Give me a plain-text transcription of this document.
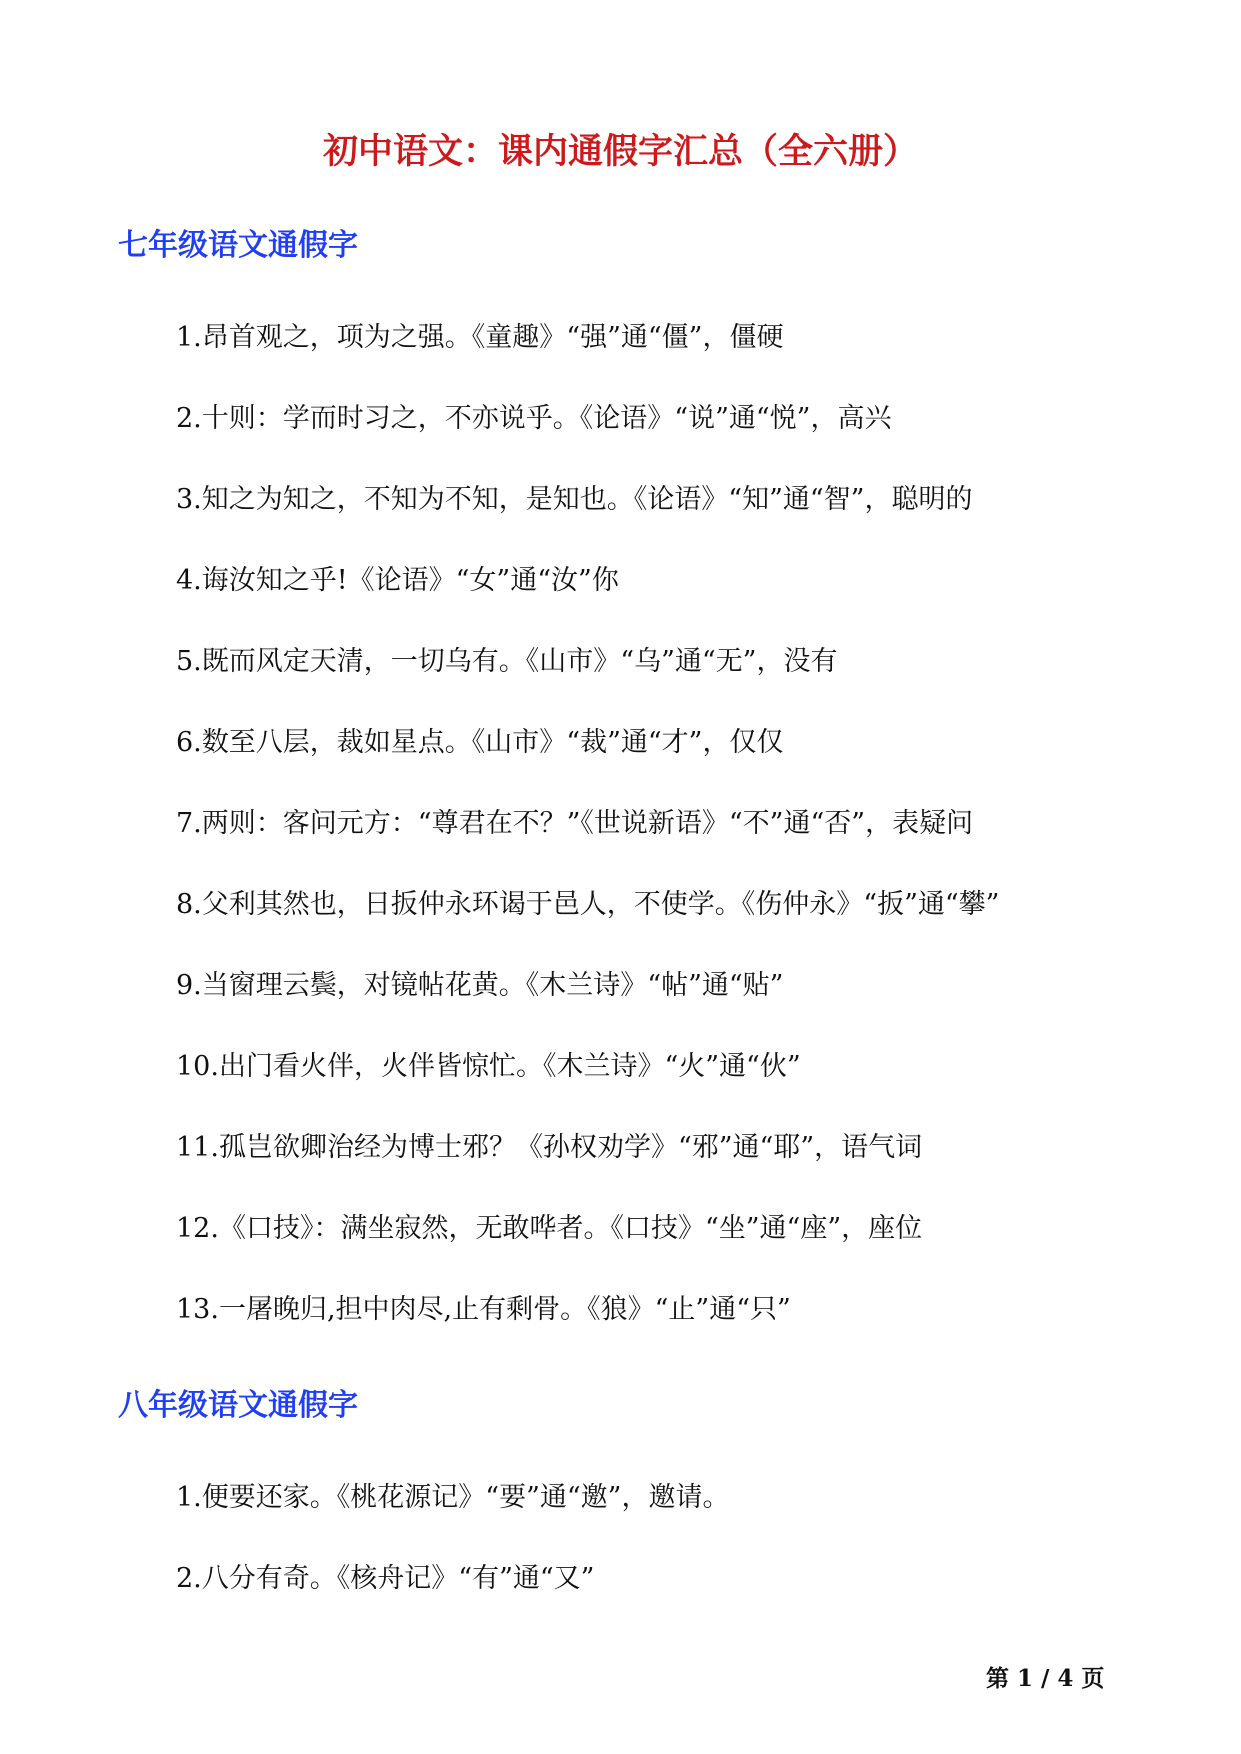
初中语文：课内通假字汇总（全六册）
七年级语文通假字

1.昂首观之，项为之强。《童趣》“强”通“僵”，僵硬

2.十则：学而时习之，不亦说乎。《论语》“说”通“悦”，高兴

3.知之为知之，不知为不知，是知也。《论语》“知”通“智”，聪明的

4.诲汝知之乎!《论语》“女”通“汝”你

5.既而风定天清，一切乌有。《山市》“乌”通“无”，没有

6.数至八层，裁如星点。《山市》“裁”通“才”，仅仅

7.两则：客问元方：“尊君在不？”《世说新语》“不”通“否”，表疑问

8.父利其然也，日扳仲永环谒于邑人，不使学。《伤仲永》“扳”通“攀”

9.当窗理云鬓，对镜帖花黄。《木兰诗》“帖”通“贴”

10.出门看火伴，火伴皆惊忙。《木兰诗》“火”通“伙”

11.孤岂欲卿治经为博士邪？《孙权劝学》“邪”通“耶”，语气词

12.《口技》：满坐寂然，无敢哗者。《口技》“坐”通“座”，座位

13.一屠晚归,担中肉尽,止有剩骨。《狼》“止”通“只”

八年级语文通假字

1.便要还家。《桃花源记》“要”通“邀”，邀请。

2.八分有奇。《核舟记》“有”通“又”

第 1 / 4 页
